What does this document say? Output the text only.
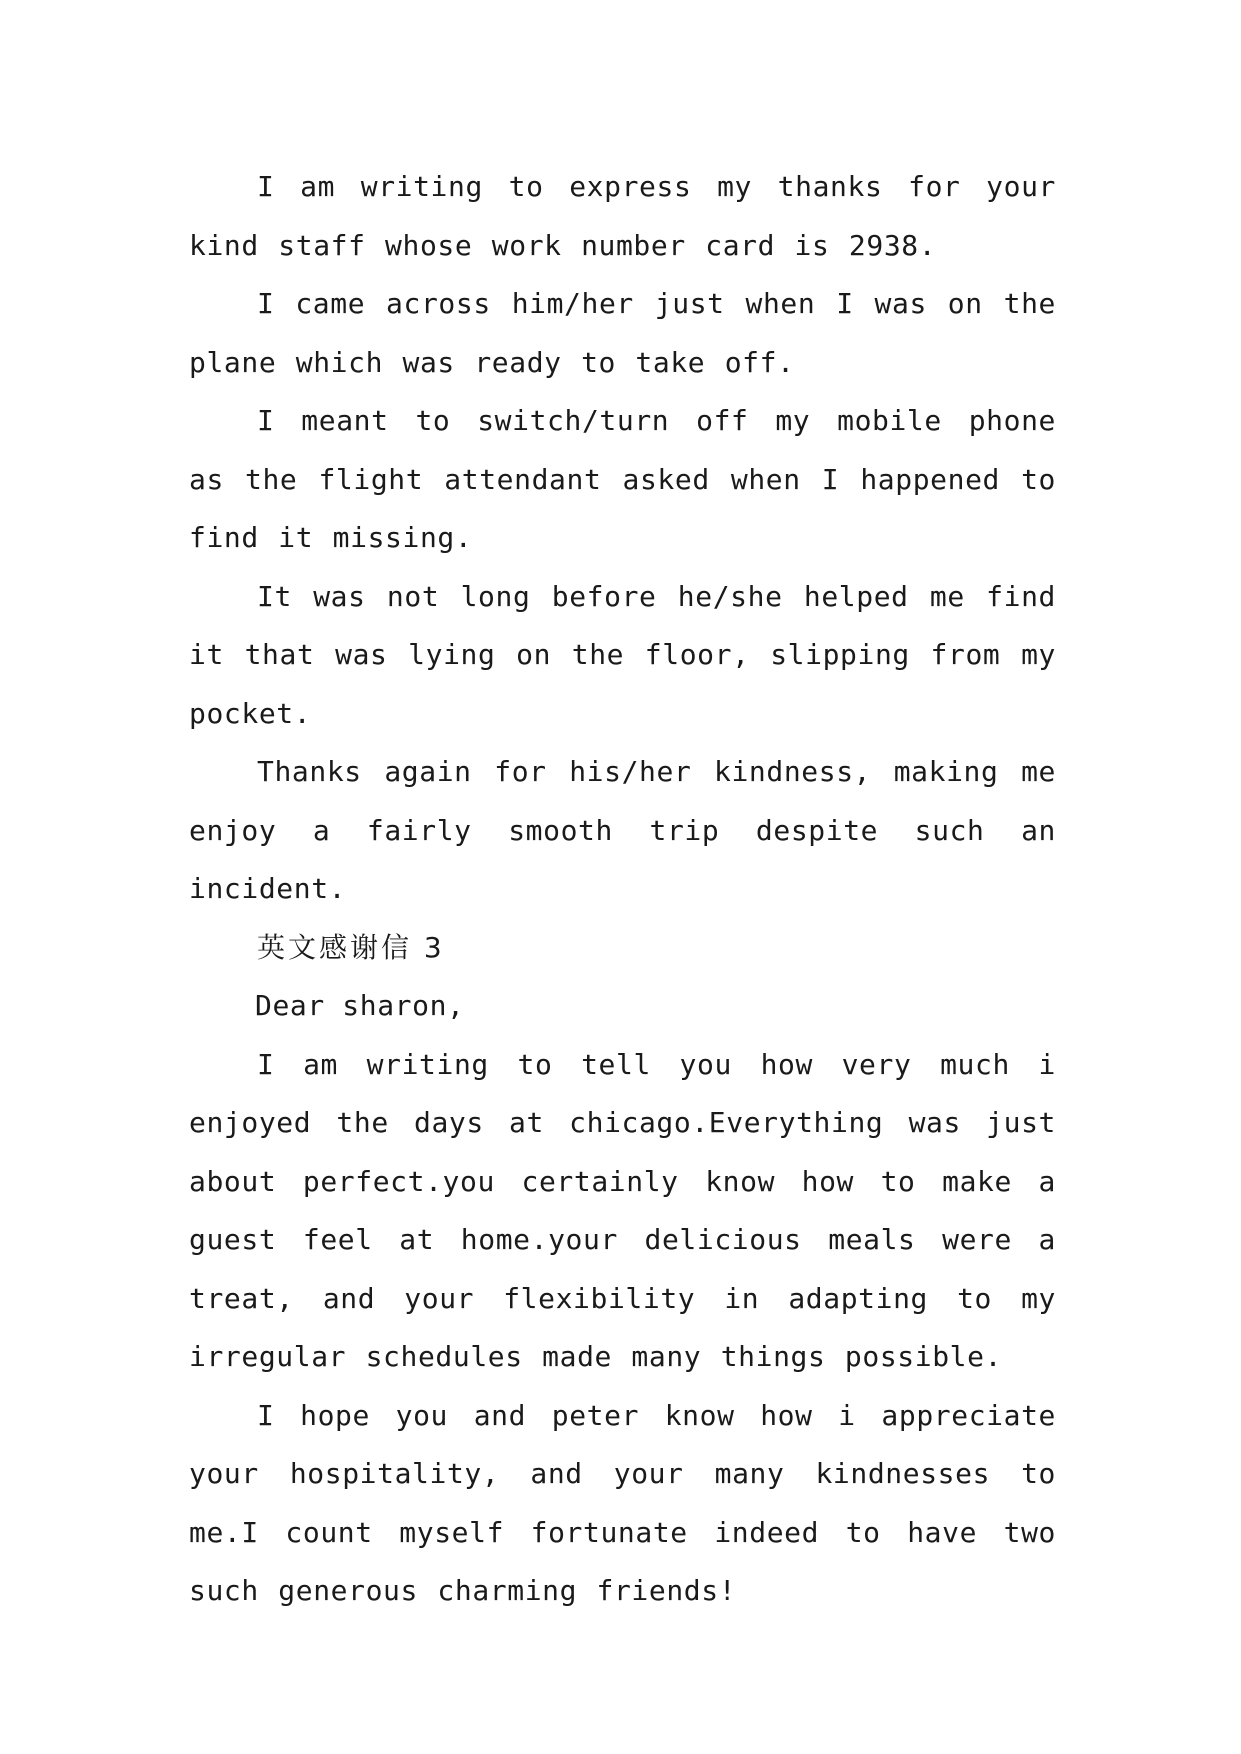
I am writing to express my thanks for your kind staff whose work number card is 2938.

I came across him/her just when I was on the plane which was ready to take off.

I meant to switch/turn off my mobile phone as the flight attendant asked when I happened to find it missing.

It was not long before he/she helped me find it that was lying on the floor, slipping from my pocket.

Thanks again for his/her kindness, making me enjoy a fairly smooth trip despite such an incident.

英文感谢信 3

Dear sharon,

I am writing to tell you how very much i enjoyed the days at chicago.Everything was just about perfect.you certainly know how to make a guest feel at home.your delicious meals were a treat, and your flexibility in adapting to my irregular schedules made many things possible.

I hope you and peter know how i appreciate your hospitality, and your many kindnesses to me.I count myself fortunate indeed to have two such generous charming friends!
